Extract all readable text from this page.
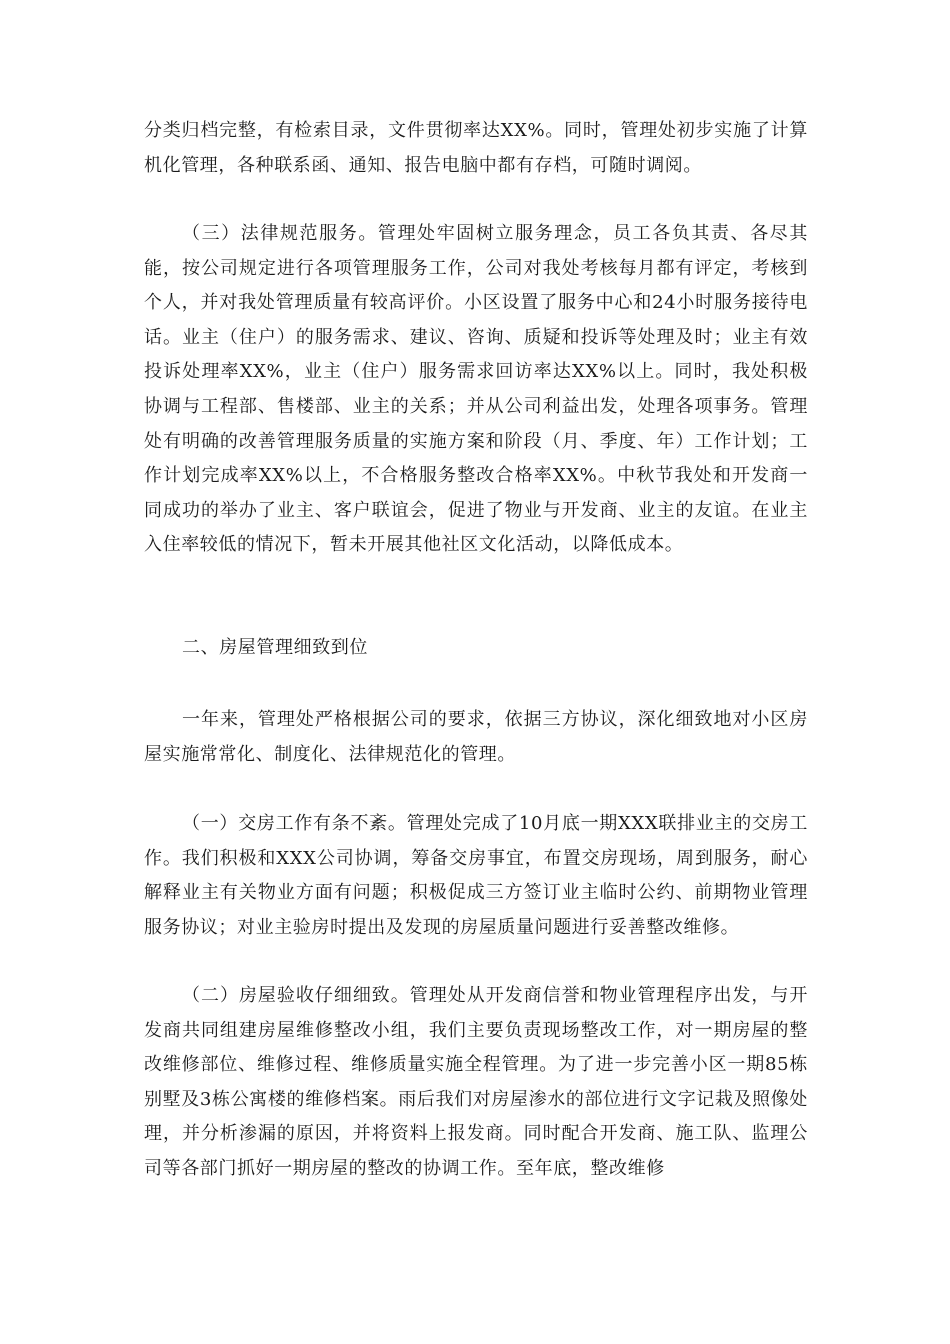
分类归档完整，有检索目录，文件贯彻率达XX%。同时，管理处初步实施了计算机化管理，各种联系函、通知、报告电脑中都有存档，可随时调阅。

（三）法律规范服务。管理处牢固树立服务理念，员工各负其责、各尽其能，按公司规定进行各项管理服务工作，公司对我处考核每月都有评定，考核到个人，并对我处管理质量有较高评价。小区设置了服务中心和24小时服务接待电话。业主（住户）的服务需求、建议、咨询、质疑和投诉等处理及时；业主有效投诉处理率XX%，业主（住户）服务需求回访率达XX%以上。同时，我处积极协调与工程部、售楼部、业主的关系；并从公司利益出发，处理各项事务。管理处有明确的改善管理服务质量的实施方案和阶段（月、季度、年）工作计划；工作计划完成率XX%以上，不合格服务整改合格率XX%。中秋节我处和开发商一同成功的举办了业主、客户联谊会，促进了物业与开发商、业主的友谊。在业主入住率较低的情况下，暂未开展其他社区文化活动，以降低成本。

二、房屋管理细致到位

一年来，管理处严格根据公司的要求，依据三方协议，深化细致地对小区房屋实施常常化、制度化、法律规范化的管理。

（一）交房工作有条不紊。管理处完成了10月底一期XXX联排业主的交房工作。我们积极和XXX公司协调，筹备交房事宜，布置交房现场，周到服务，耐心解释业主有关物业方面有问题；积极促成三方签订业主临时公约、前期物业管理服务协议；对业主验房时提出及发现的房屋质量问题进行妥善整改维修。

（二）房屋验收仔细细致。管理处从开发商信誉和物业管理程序出发，与开发商共同组建房屋维修整改小组，我们主要负责现场整改工作，对一期房屋的整改维修部位、维修过程、维修质量实施全程管理。为了进一步完善小区一期85栋别墅及3栋公寓楼的维修档案。雨后我们对房屋渗水的部位进行文字记栽及照像处理，并分析渗漏的原因，并将资料上报发商。同时配合开发商、施工队、监理公司等各部门抓好一期房屋的整改的协调工作。至年底，整改维修
